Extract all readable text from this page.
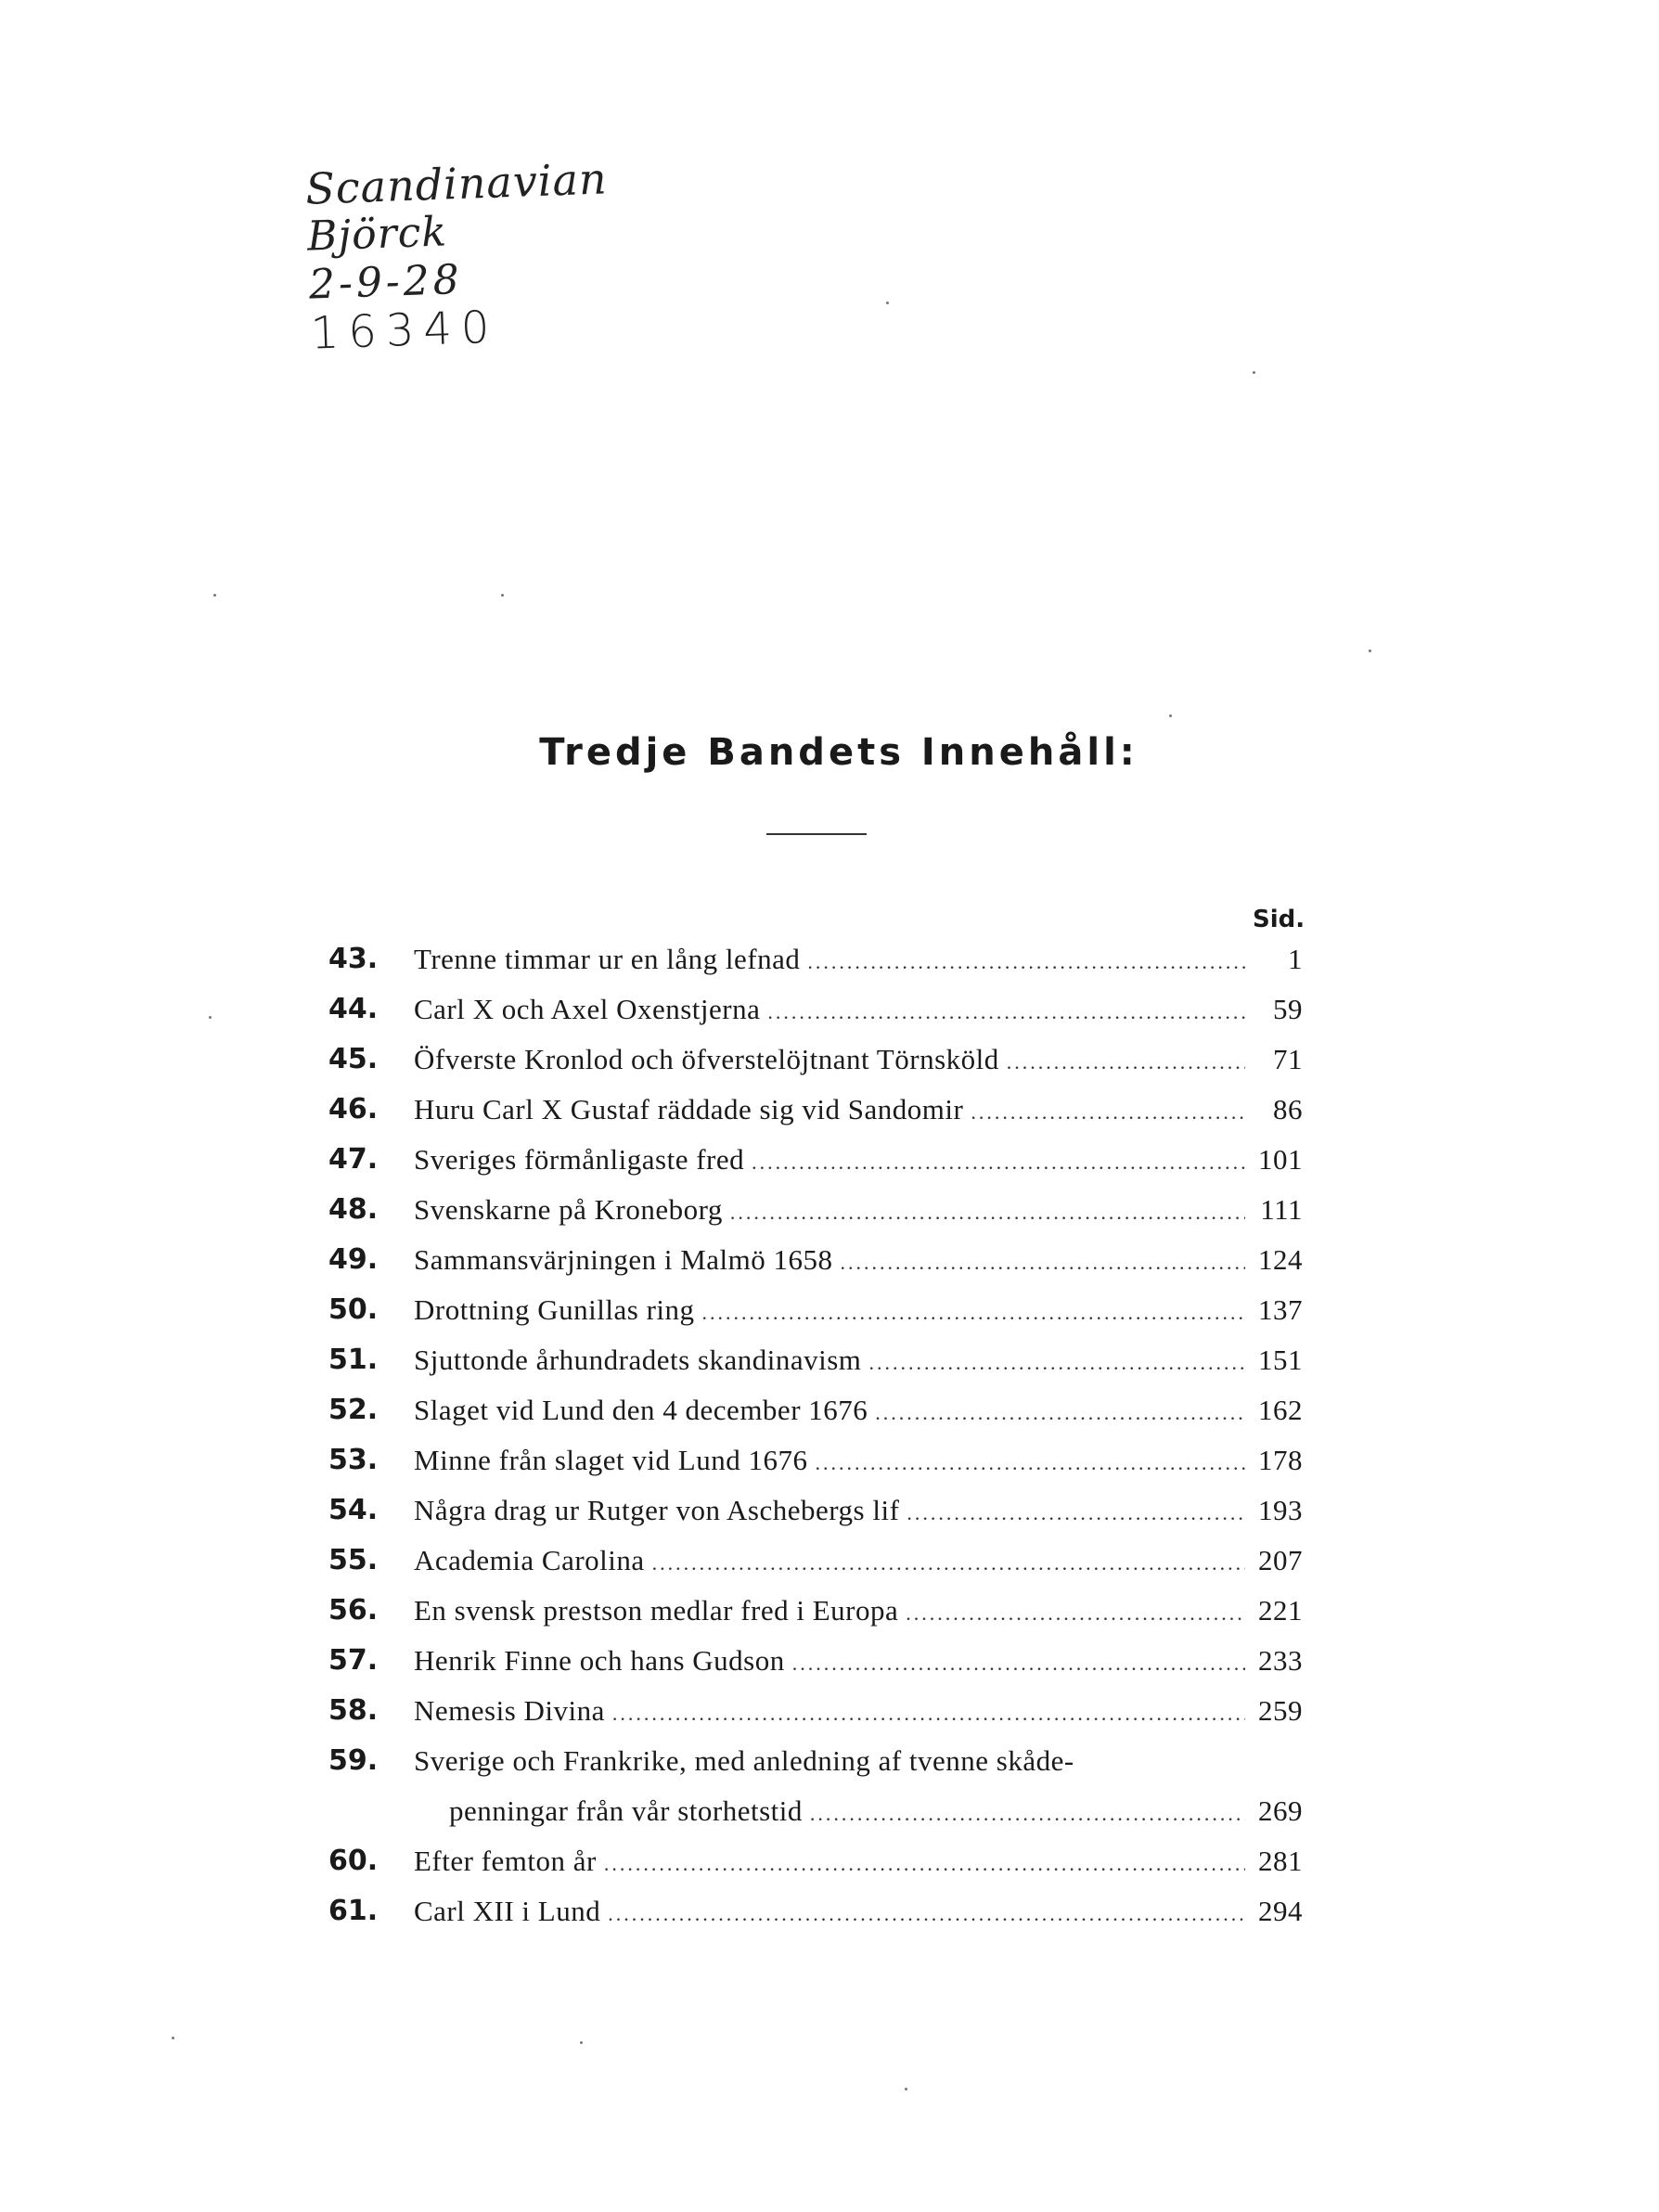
Scandinavian
Björck
2-9-28
16340
Tredje Bandets Innehåll:
Sid.
43.	Trenne timmar ur en lång lefnad .....	1
44.	Carl X och Axel Oxenstjerna .....	59
45.	Öfverste Kronlod och öfverstelöjtnant Törnsköld .....	71
46.	Huru Carl X Gustaf räddade sig vid Sandomir .....	86
47.	Sveriges förmånligaste fred .....	101
48.	Svenskarne på Kroneborg .....	111
49.	Sammansvärjningen i Malmö 1658 .....	124
50.	Drottning Gunillas ring .....	137
51.	Sjuttonde århundradets skandinavism .....	151
52.	Slaget vid Lund den 4 december 1676 .....	162
53.	Minne från slaget vid Lund 1676 .....	178
54.	Några drag ur Rutger von Aschebergs lif .....	193
55.	Academia Carolina .....	207
56.	En svensk prestson medlar fred i Europa .....	221
57.	Henrik Finne och hans Gudson .....	233
58.	Nemesis Divina .....	259
59.	Sverige och Frankrike, med anledning af tvenne skåde-
penningar från vår storhetstid .....	269
60.	Efter femton år .....	281
61.	Carl XII i Lund .....	294
